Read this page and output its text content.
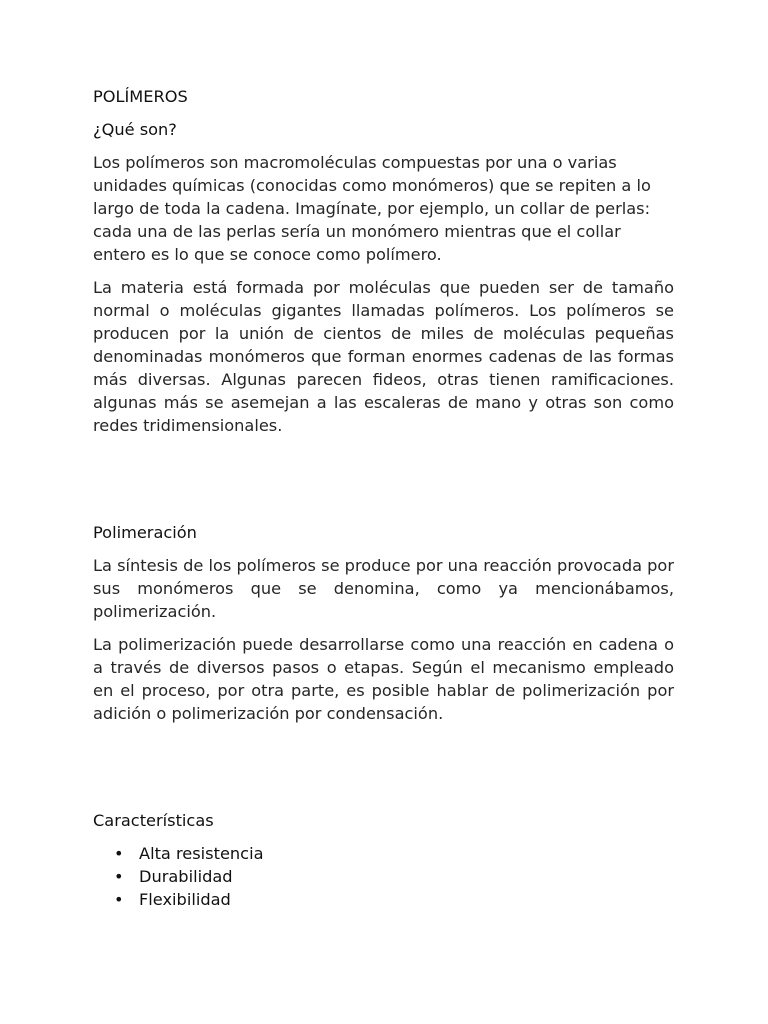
POLÍMEROS
¿Qué son?

Los polímeros son macromoléculas compuestas por una o varias unidades químicas (conocidas como monómeros) que se repiten a lo largo de toda la cadena. Imagínate, por ejemplo, un collar de perlas: cada una de las perlas sería un monómero mientras que el collar entero es lo que se conoce como polímero.

La materia está formada por moléculas que pueden ser de tamaño normal o moléculas gigantes llamadas polímeros. Los polímeros se producen por la unión de cientos de miles de moléculas pequeñas denominadas monómeros que forman enormes cadenas de las formas más diversas. Algunas parecen fideos, otras tienen ramificaciones. algunas más se asemejan a las escaleras de mano y otras son como redes tridimensionales.

Polimeración

La síntesis de los polímeros se produce por una reacción provocada por sus monómeros que se denomina, como ya mencionábamos, polimerización.

La polimerización puede desarrollarse como una reacción en cadena o a través de diversos pasos o etapas. Según el mecanismo empleado en el proceso, por otra parte, es posible hablar de polimerización por adición o polimerización por condensación.

Características
• Alta resistencia
• Durabilidad
• Flexibilidad
